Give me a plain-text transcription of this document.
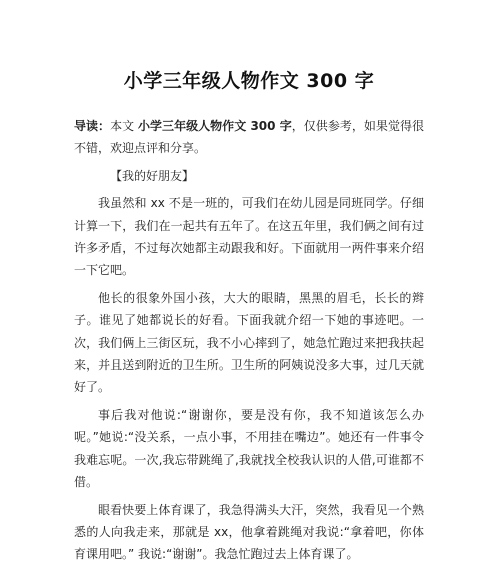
小学三年级人物作文 300 字

导读：本文 小学三年级人物作文 300 字，仅供参考，如果觉得很不错，欢迎点评和分享。

【我的好朋友】

我虽然和 xx 不是一班的，可我们在幼儿园是同班同学。仔细计算一下，我们在一起共有五年了。在这五年里，我们俩之间有过许多矛盾，不过每次她都主动跟我和好。下面就用一两件事来介绍一下它吧。

他长的很象外国小孩，大大的眼睛，黑黑的眉毛，长长的辫子。谁见了她都说长的好看。下面我就介绍一下她的事迹吧。一次，我们俩上三街区玩，我不小心摔到了，她急忙跑过来把我扶起来，并且送到附近的卫生所。卫生所的阿姨说没多大事，过几天就好了。

事后我对他说:“谢谢你，要是没有你，我不知道该怎么办呢。”她说:“没关系，一点小事，不用挂在嘴边”。她还有一件事令我难忘呢。一次,我忘带跳绳了,我就找全校我认识的人借,可谁都不借。

眼看快要上体育课了，我急得满头大汗，突然，我看见一个熟悉的人向我走来，那就是 xx，他拿着跳绳对我说:“拿着吧，你体育课用吧。” 我说:“谢谢”。我急忙跑过去上体育课了。
